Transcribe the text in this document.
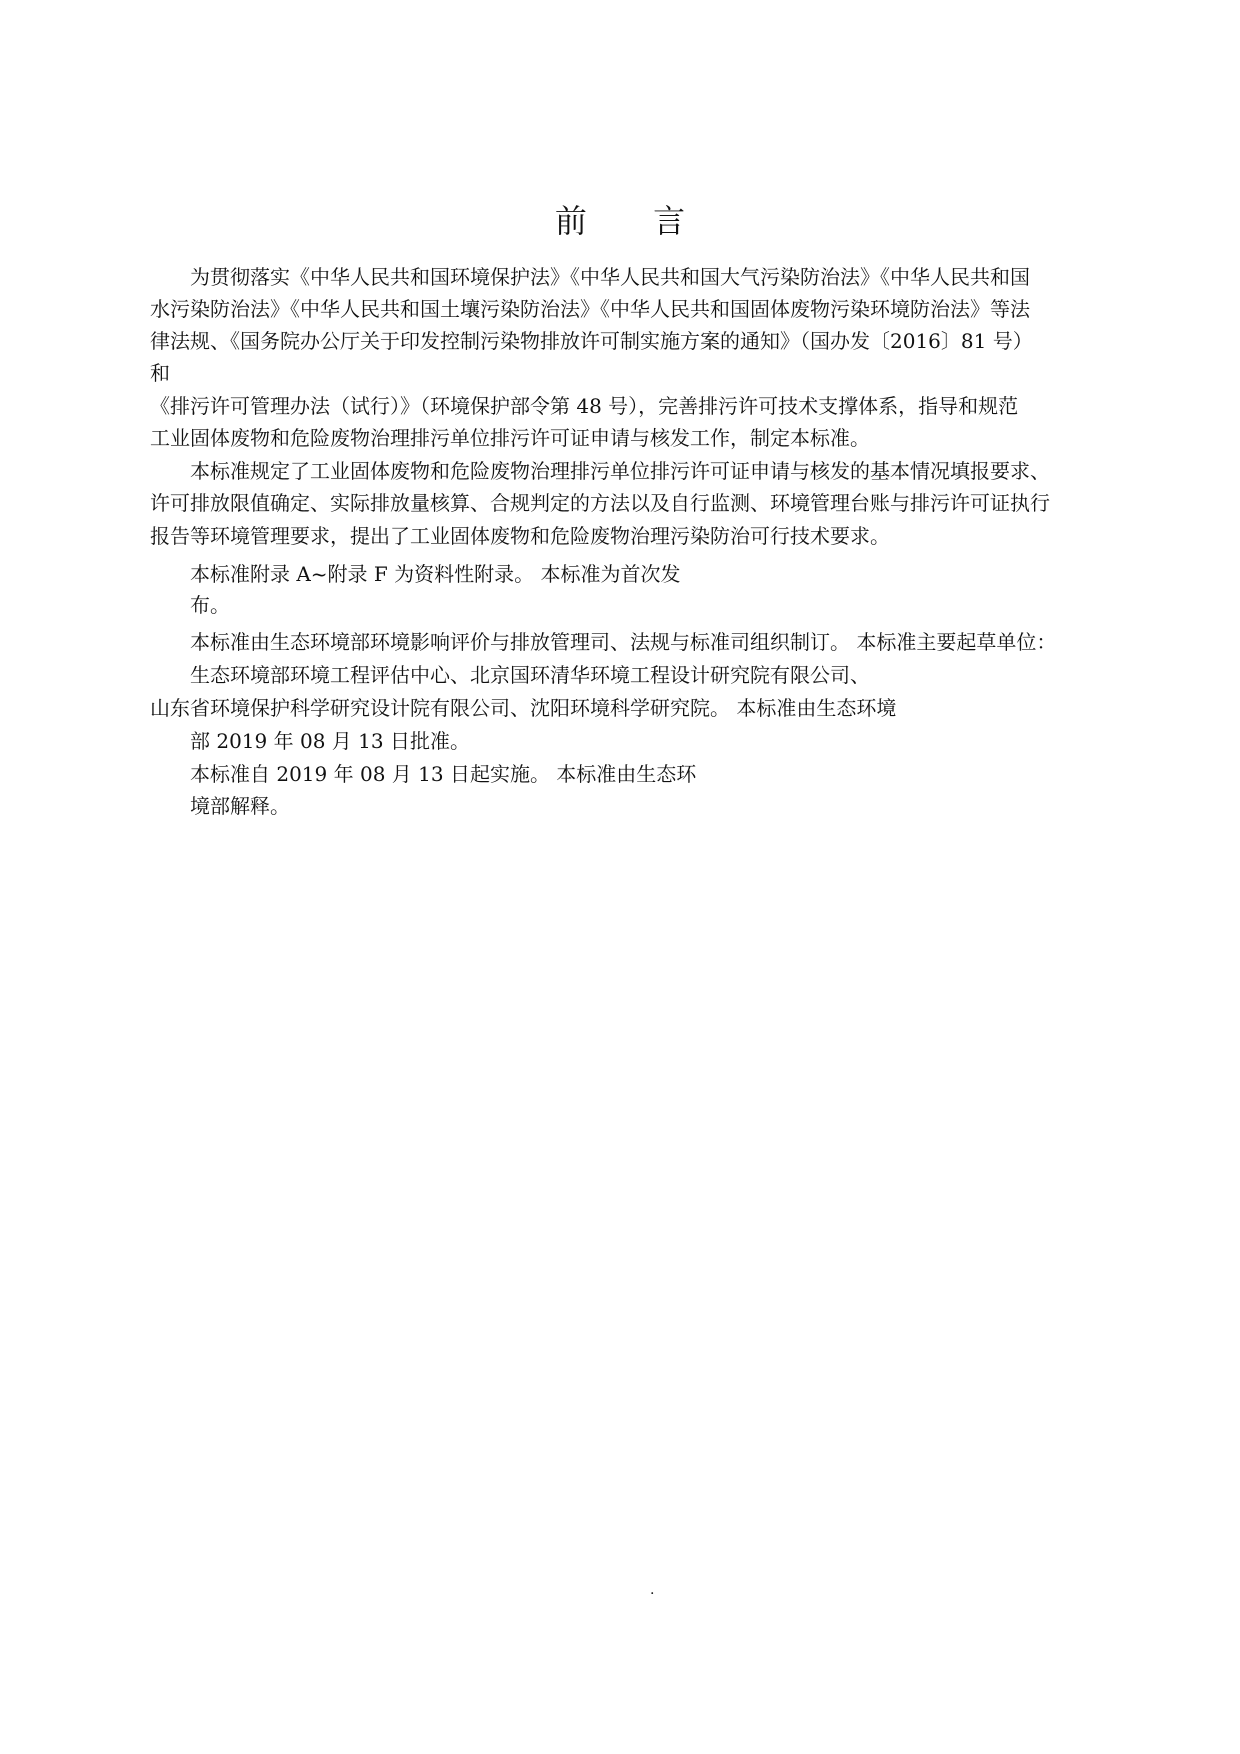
前 言
为贯彻落实《中华人民共和国环境保护法》《中华人民共和国大气污染防治法》《中华人民共和国
水污染防治法》《中华人民共和国土壤污染防治法》《中华人民共和国固体废物污染环境防治法》等法
律法规、《国务院办公厅关于印发控制污染物排放许可制实施方案的通知》（国办发〔2016〕81 号）
和
《排污许可管理办法（试行）》（环境保护部令第 48 号），完善排污许可技术支撑体系，指导和规范
工业固体废物和危险废物治理排污单位排污许可证申请与核发工作，制定本标准。
本标准规定了工业固体废物和危险废物治理排污单位排污许可证申请与核发的基本情况填报要求、
许可排放限值确定、实际排放量核算、合规判定的方法以及自行监测、环境管理台账与排污许可证执行
报告等环境管理要求，提出了工业固体废物和危险废物治理污染防治可行技术要求。
本标准附录 A~附录 F 为资料性附录。 本标准为首次发
布。
本标准由生态环境部环境影响评价与排放管理司、法规与标准司组织制订。 本标准主要起草单位：
生态环境部环境工程评估中心、北京国环清华环境工程设计研究院有限公司、
山东省环境保护科学研究设计院有限公司、沈阳环境科学研究院。 本标准由生态环境
部 2019 年 08 月 13 日批准。
本标准自 2019 年 08 月 13 日起实施。 本标准由生态环
境部解释。
.
